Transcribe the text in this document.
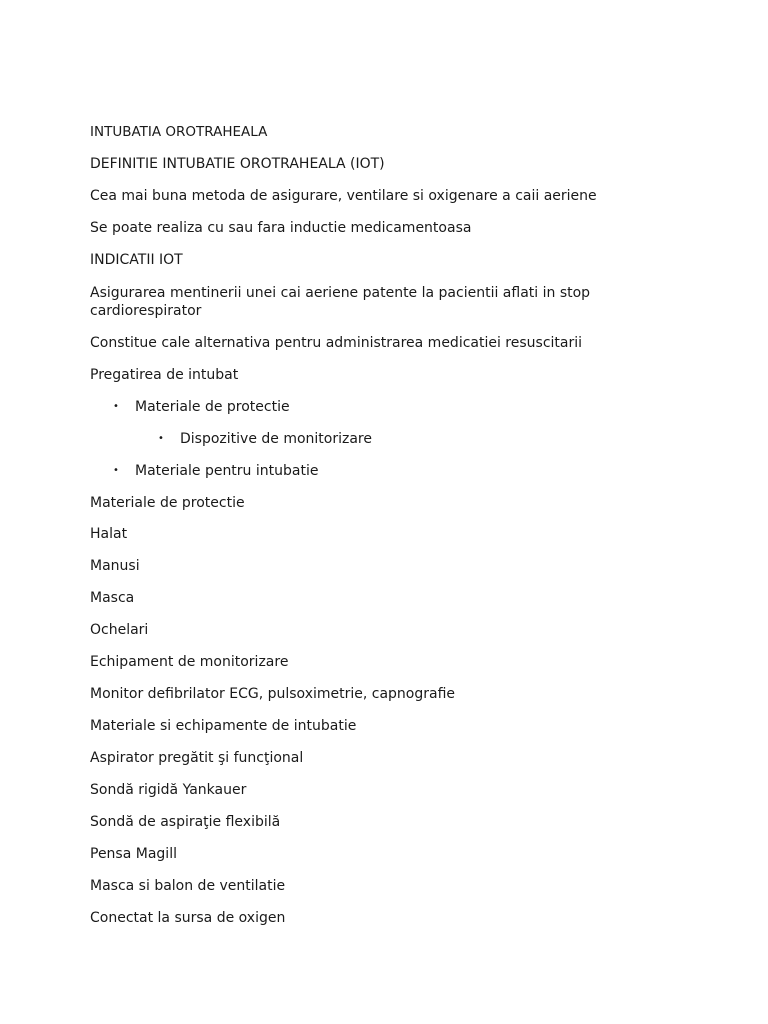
INTUBATIA OROTRAHEALA
DEFINITIE INTUBATIE OROTRAHEALA (IOT)
Cea mai buna metoda de asigurare, ventilare si oxigenare a caii aeriene
Se poate realiza cu sau fara inductie medicamentoasa
INDICATII IOT
Asigurarea mentinerii unei cai aeriene patente la pacientii aflati in stop cardiorespirator
Constitue cale alternativa pentru administrarea medicatiei resuscitarii
Pregatirea de intubat
• Materiale de protectie
• Dispozitive de monitorizare
• Materiale pentru intubatie
Materiale de protectie
Halat
Manusi
Masca
Ochelari
Echipament de monitorizare
Monitor defibrilator ECG, pulsoximetrie, capnografie
Materiale si echipamente de intubatie
Aspirator pregătit şi funcţional
Sondă rigidă Yankauer
Sondă de aspiraţie flexibilă
Pensa Magill
Masca si balon de ventilatie
Conectat la sursa de oxigen
